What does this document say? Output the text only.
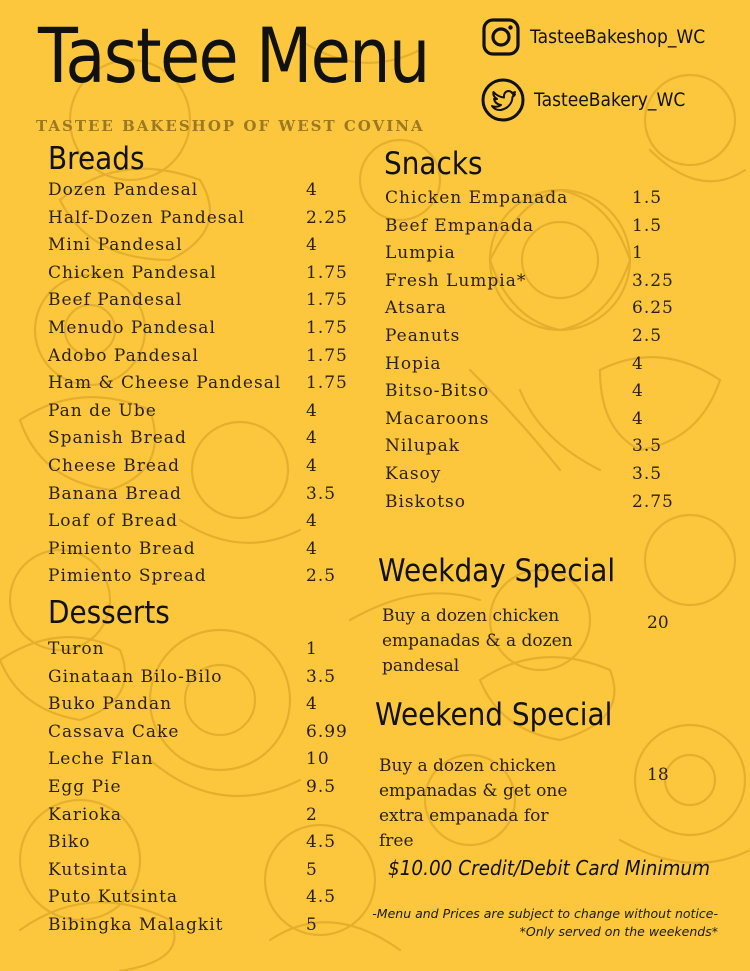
Tastee Menu
TASTEE BAKESHOP OF WEST COVINA
TasteeBakeshop_WC
TasteeBakery_WC
Breads
Dozen Pandesal	4
Half-Dozen Pandesal	2.25
Mini Pandesal	4
Chicken Pandesal	1.75
Beef Pandesal	1.75
Menudo Pandesal	1.75
Adobo Pandesal	1.75
Ham & Cheese Pandesal 1.75
Pan de Ube	4
Spanish Bread	4
Cheese Bread	4
Banana Bread	3.5
Loaf of Bread	4
Pimiento Bread	4
Pimiento Spread	2.5
Desserts
Turon	1
Ginataan Bilo-Bilo	3.5
Buko Pandan	4
Cassava Cake	6.99
Leche Flan	10
Egg Pie	9.5
Karioka	2
Biko	4.5
Kutsinta	5
Puto Kutsinta	4.5
Bibingka Malagkit	5
Snacks
Chicken Empanada	1.5
Beef Empanada	1.5
Lumpia	1
Fresh Lumpia*	3.25
Atsara	6.25
Peanuts	2.5
Hopia	4
Bitso-Bitso	4
Macaroons	4
Nilupak	3.5
Kasoy	3.5
Biskotso	2.75
Weekday Special

Buy a dozen chicken empanadas & a dozen pandesal

20
Weekend Special

Buy a dozen chicken empanadas & get one extra empanada for free

18

$10.00 Credit/Debit Card Minimum

-Menu and Prices are subject to change without notice-

*Only served on the weekends*
